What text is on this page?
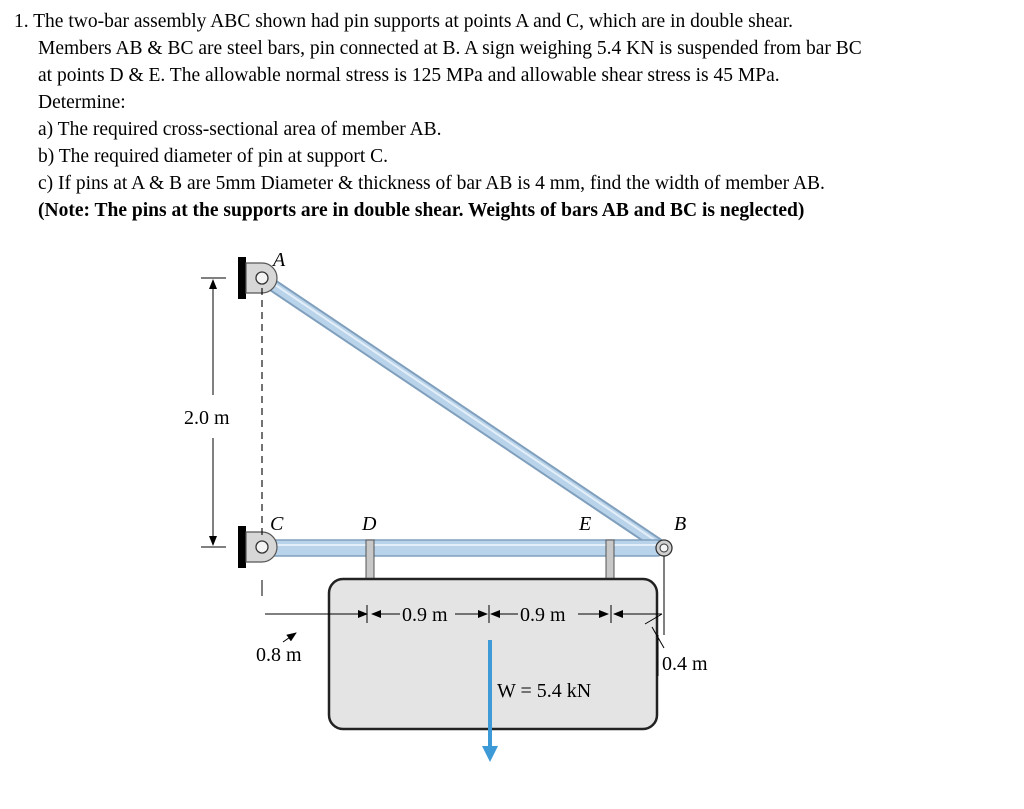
1. The two-bar assembly ABC shown had pin supports at points A and C, which are in double shear.
Members AB & BC are steel bars, pin connected at B. A sign weighing 5.4 KN is suspended from bar BC
at points D & E. The allowable normal stress is 125 MPa and allowable shear stress is 45 MPa.
Determine:
a) The required cross-sectional area of member AB.
b) The required diameter of pin at support C.
c) If pins at A & B are 5mm Diameter & thickness of bar AB is 4 mm, find the width of member AB.
(Note: The pins at the supports are in double shear. Weights of bars AB and BC is neglected)
2.0 m
W = 5.4 kN
0.9 m	0.9 m
0.8 m	0.4 m
A
C	D	E	B
